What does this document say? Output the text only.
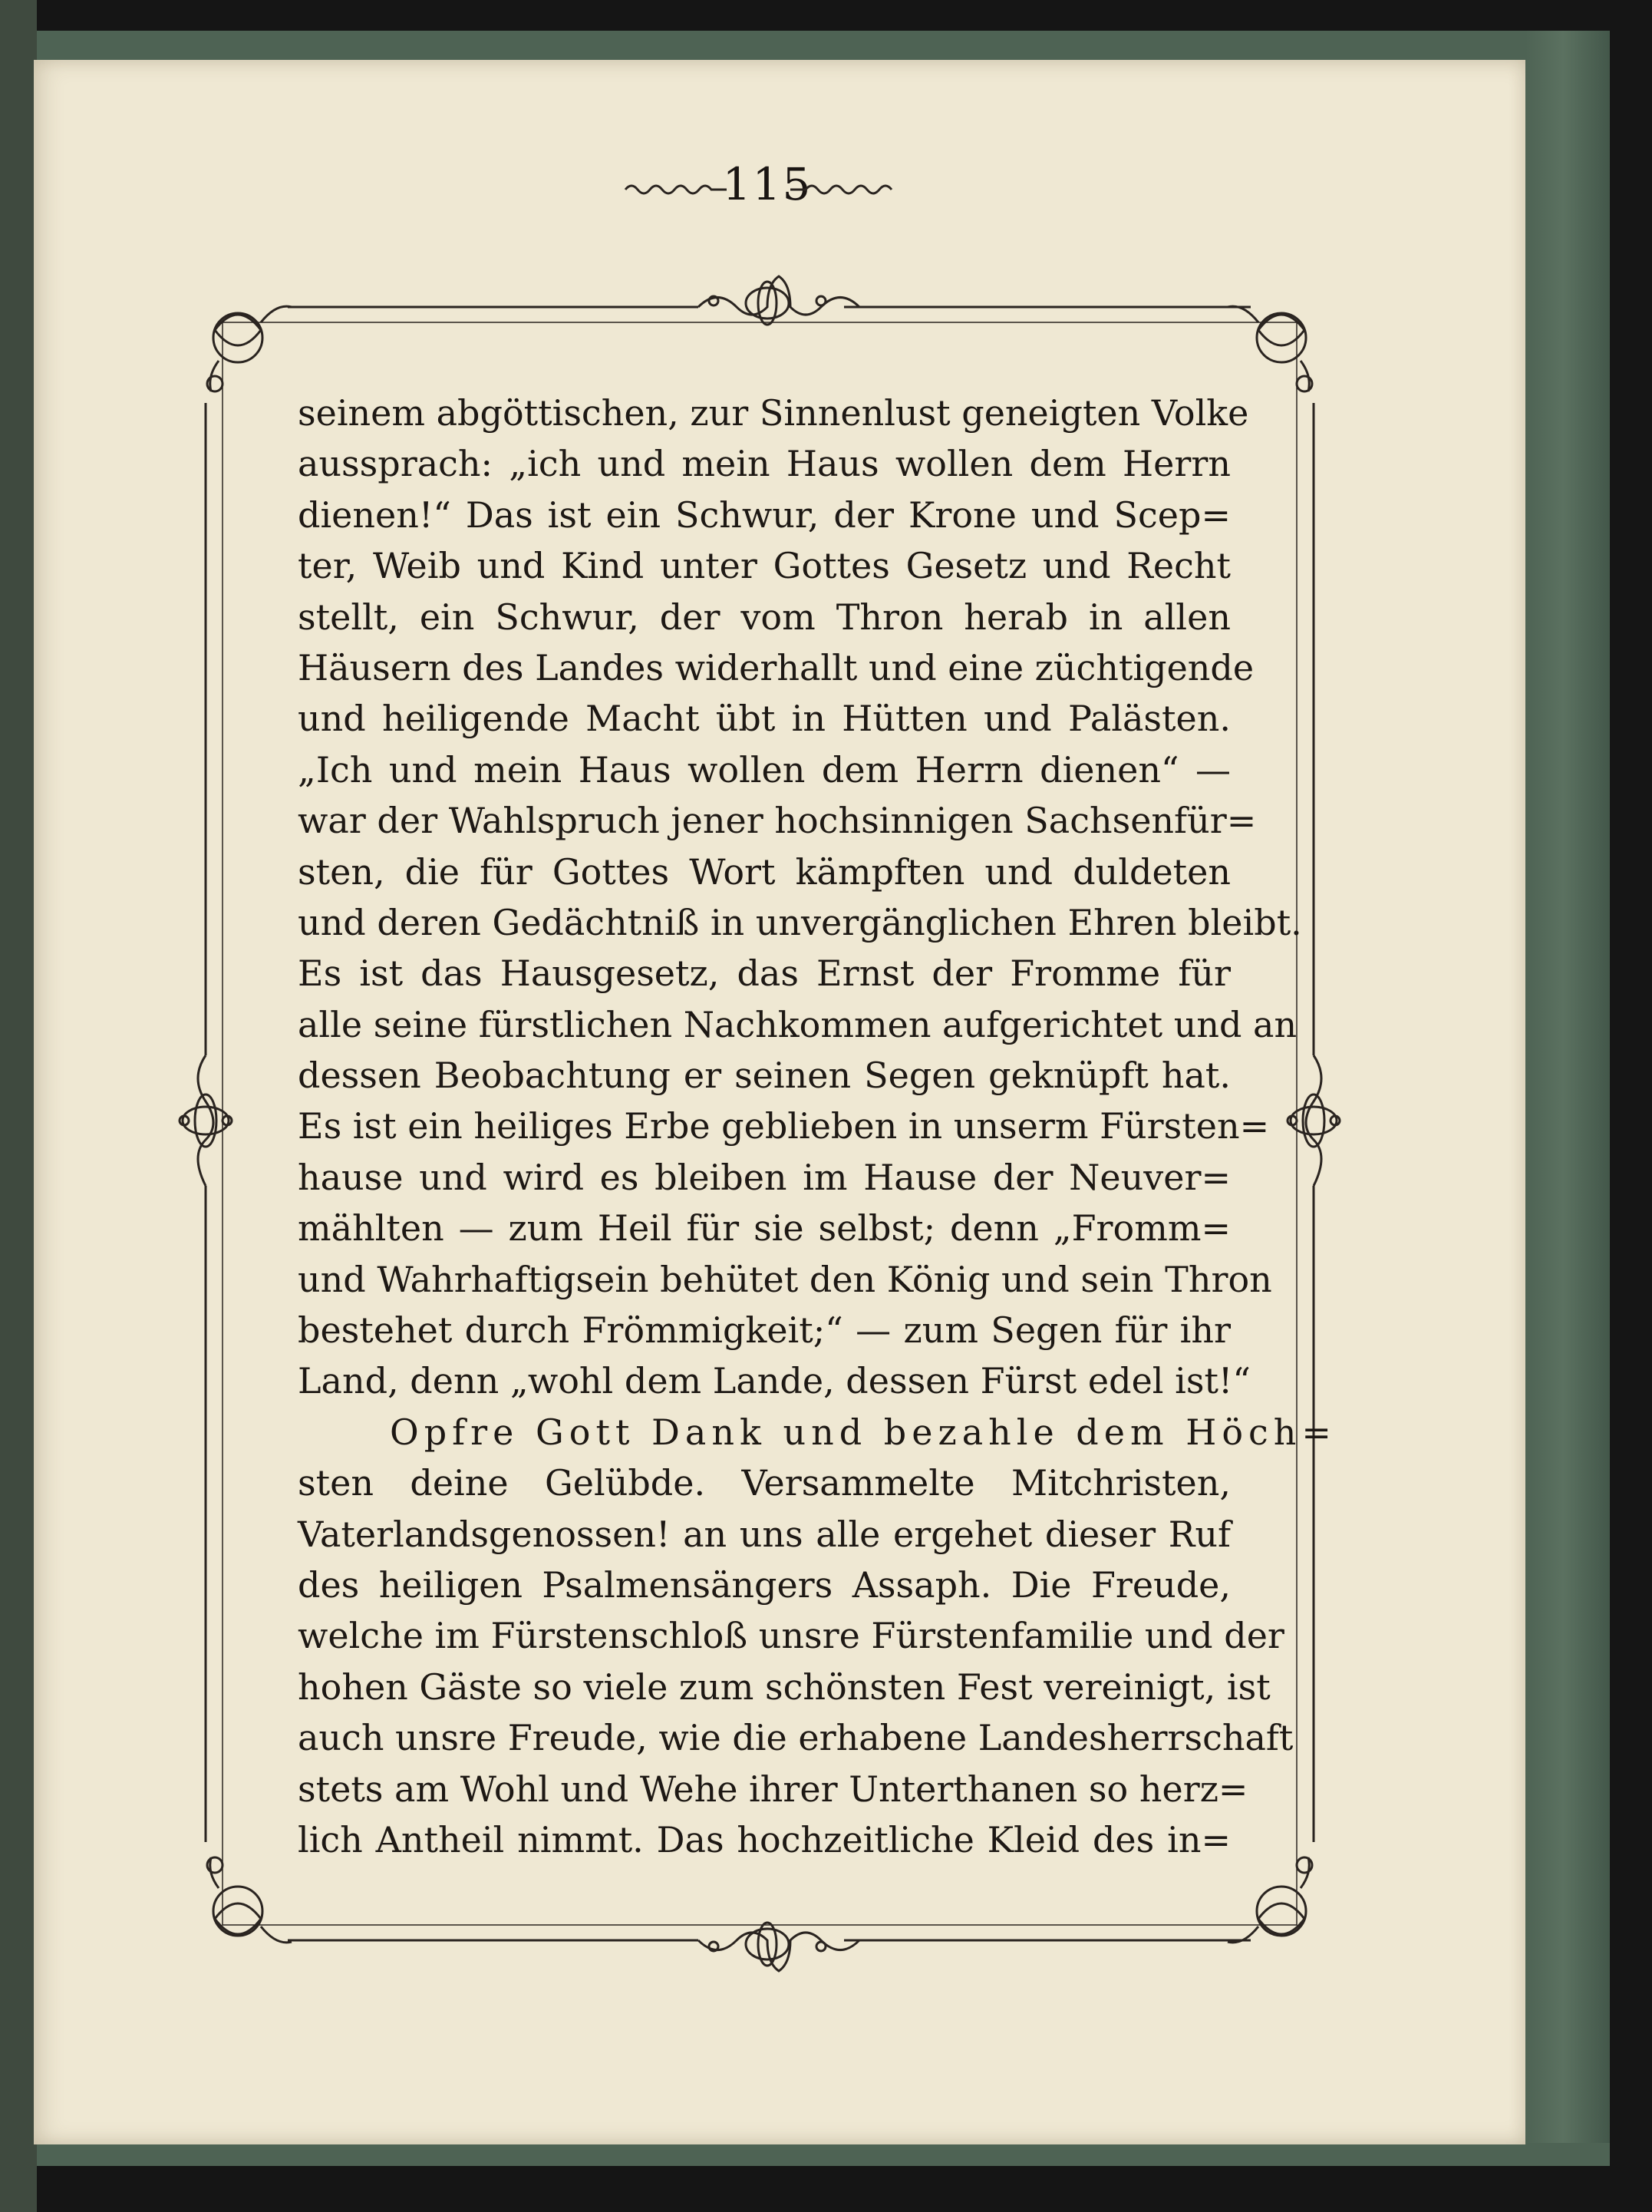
115
seinem abgöttischen, zur Sinnenlust geneigten Volke
aussprach: „ich und mein Haus wollen dem Herrn
dienen!“ Das ist ein Schwur, der Krone und Scep=
ter, Weib und Kind unter Gottes Gesetz und Recht
stellt, ein Schwur, der vom Thron herab in allen
Häusern des Landes widerhallt und eine züchtigende
und heiligende Macht übt in Hütten und Palästen.
„Ich und mein Haus wollen dem Herrn dienen“ —
war der Wahlspruch jener hochsinnigen Sachsenfür=
sten, die für Gottes Wort kämpften und duldeten
und deren Gedächtniß in unvergänglichen Ehren bleibt.
Es ist das Hausgesetz, das Ernst der Fromme für
alle seine fürstlichen Nachkommen aufgerichtet und an
dessen Beobachtung er seinen Segen geknüpft hat.
Es ist ein heiliges Erbe geblieben in unserm Fürsten=
hause und wird es bleiben im Hause der Neuver=
mählten — zum Heil für sie selbst; denn „Fromm=
und Wahrhaftigsein behütet den König und sein Thron
bestehet durch Frömmigkeit;“ — zum Segen für ihr
Land, denn „wohl dem Lande, dessen Fürst edel ist!“
Opfre Gott Dank und bezahle dem Höch=
sten deine Gelübde. Versammelte Mitchristen,
Vaterlandsgenossen! an uns alle ergehet dieser Ruf
des heiligen Psalmensängers Assaph. Die Freude,
welche im Fürstenschloß unsre Fürstenfamilie und der
hohen Gäste so viele zum schönsten Fest vereinigt, ist
auch unsre Freude, wie die erhabene Landesherrschaft
stets am Wohl und Wehe ihrer Unterthanen so herz=
lich Antheil nimmt. Das hochzeitliche Kleid des in=
